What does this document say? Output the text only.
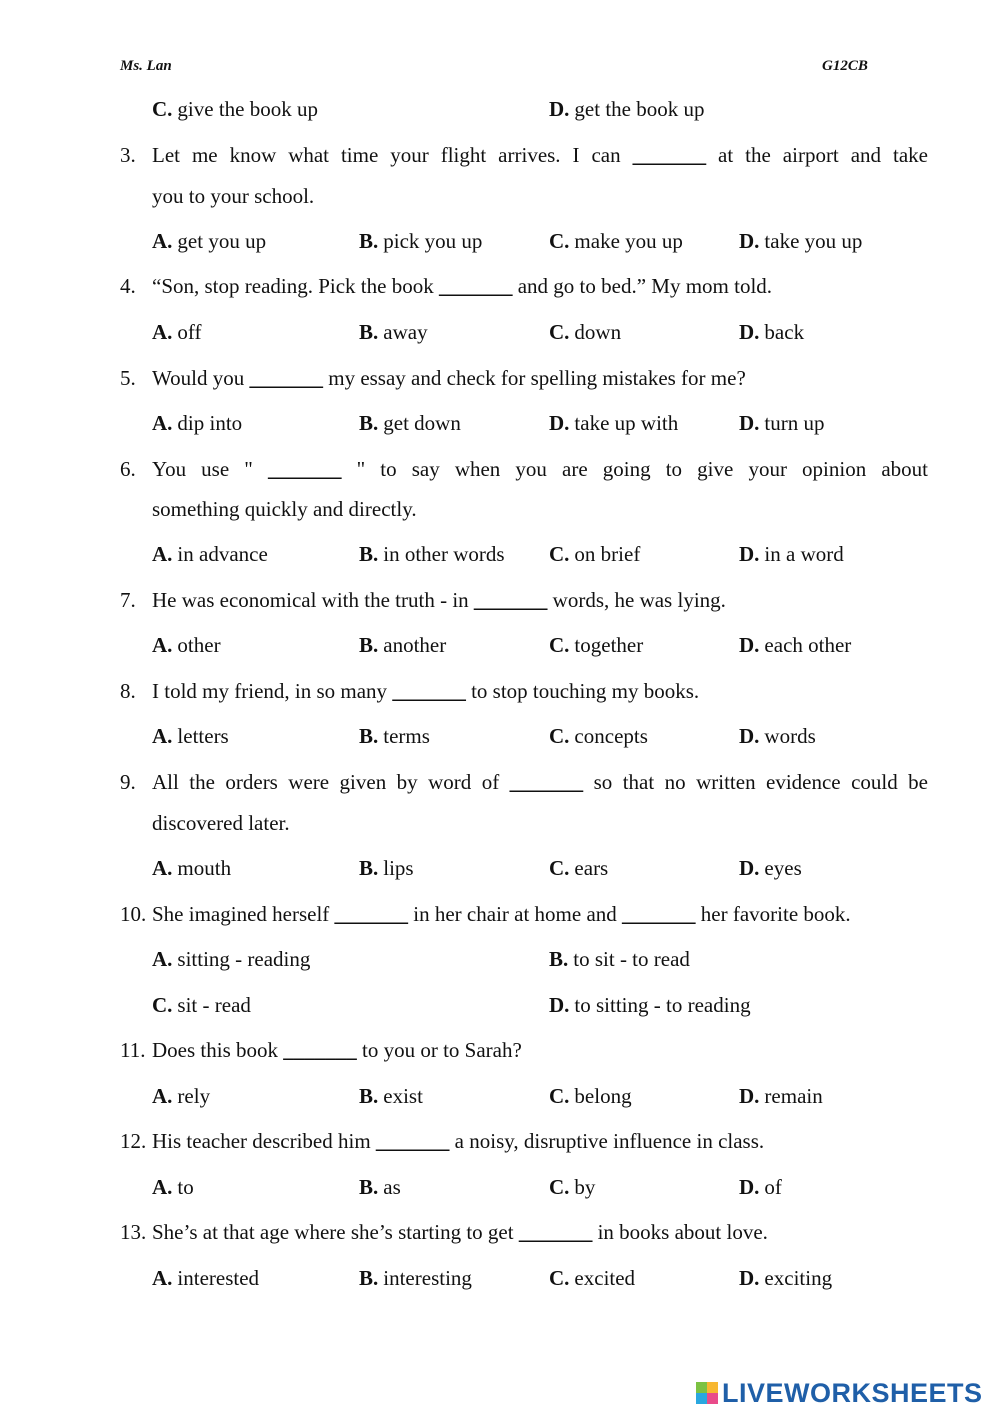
Ms. Lan	G12CB
C. give the book up	D. get the book up
3. Let me know what time your flight arrives. I can _______ at the airport and take
you to your school.
A. get you up	B. pick you up	C. make you up	D. take you up
4. “Son, stop reading. Pick the book _______ and go to bed.” My mom told.
A. off	B. away	C. down	D. back
5. Would you _______ my essay and check for spelling mistakes for me?
A. dip into	B. get down	D. take up with	D. turn up
6. You use " _______ " to say when you are going to give your opinion about
something quickly and directly.
A. in advance	B. in other words C. on brief	D. in a word
7. He was economical with the truth - in _______ words, he was lying.
A. other	B. another	C. together	D. each other
8. I told my friend, in so many _______ to stop touching my books.
A. letters	B. terms	C. concepts	D. words
9. All the orders were given by word of _______ so that no written evidence could be
discovered later.
A. mouth	B. lips	C. ears	D. eyes
10. She imagined herself _______ in her chair at home and _______ her favorite book.
A. sitting - reading	B. to sit - to read
C. sit - read	D. to sitting - to reading
11. Does this book _______ to you or to Sarah?
A. rely	B. exist	C. belong	D. remain
12. His teacher described him _______ a noisy, disruptive influence in class.
A. to	B. as	C. by	D. of
13. She’s at that age where she’s starting to get _______ in books about love.
A. interested	B. interesting	C. excited	D. exciting
LIVEWORKSHEETS
